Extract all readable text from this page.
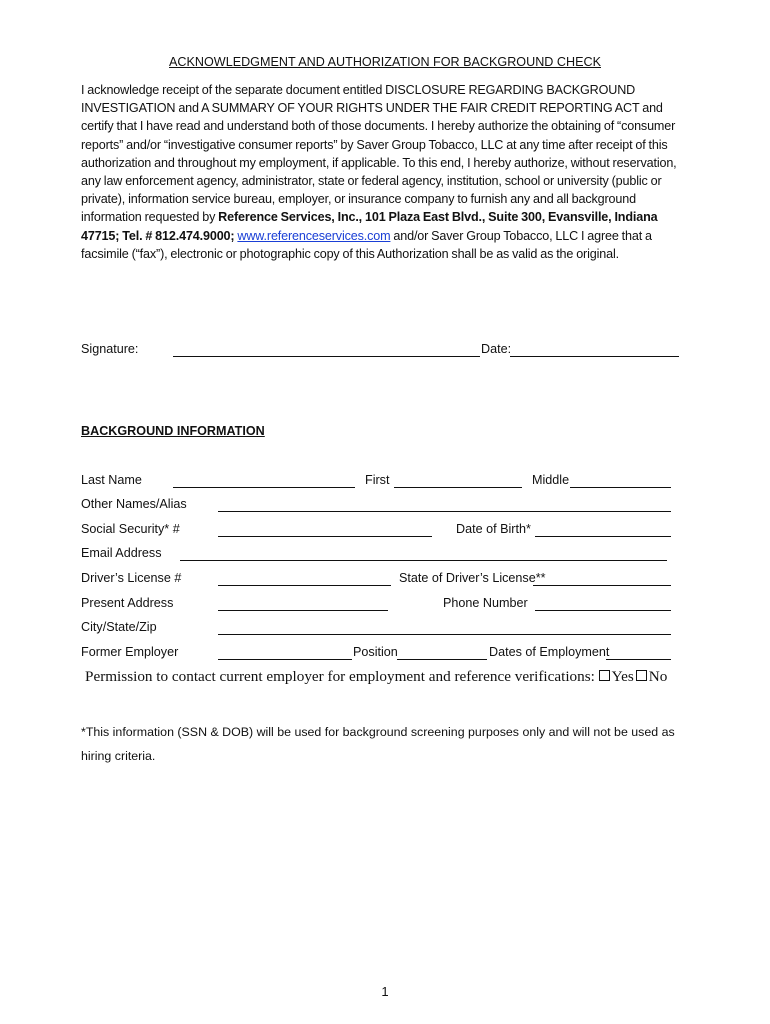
ACKNOWLEDGMENT AND AUTHORIZATION FOR BACKGROUND CHECK
I acknowledge receipt of the separate document entitled DISCLOSURE REGARDING BACKGROUND INVESTIGATION and A SUMMARY OF YOUR RIGHTS UNDER THE FAIR CREDIT REPORTING ACT and certify that I have read and understand both of those documents. I hereby authorize the obtaining of “consumer reports” and/or “investigative consumer reports” by Saver Group Tobacco, LLC at any time after receipt of this authorization and throughout my employment, if applicable. To this end, I hereby authorize, without reservation, any law enforcement agency, administrator, state or federal agency, institution, school or university (public or private), information service bureau, employer, or insurance company to furnish any and all background information requested by Reference Services, Inc., 101 Plaza East Blvd., Suite 300, Evansville, Indiana 47715; Tel. # 812.474.9000; www.referenceservices.com and/or Saver Group Tobacco, LLC I agree that a facsimile (“fax”), electronic or photographic copy of this Authorization shall be as valid as the original.
Signature:	Date:
BACKGROUND INFORMATION
Last Name	First	Middle
Other Names/Alias
Social Security* #	Date of Birth*
Email Address
Driver’s License #	State of Driver’s License**
Present Address	Phone Number
City/State/Zip
Former Employer	Position	Dates of Employment
Permission to contact current employer for employment and reference verifications: Yes No
*This information (SSN & DOB) will be used for background screening purposes only and will not be used as hiring criteria.
1
